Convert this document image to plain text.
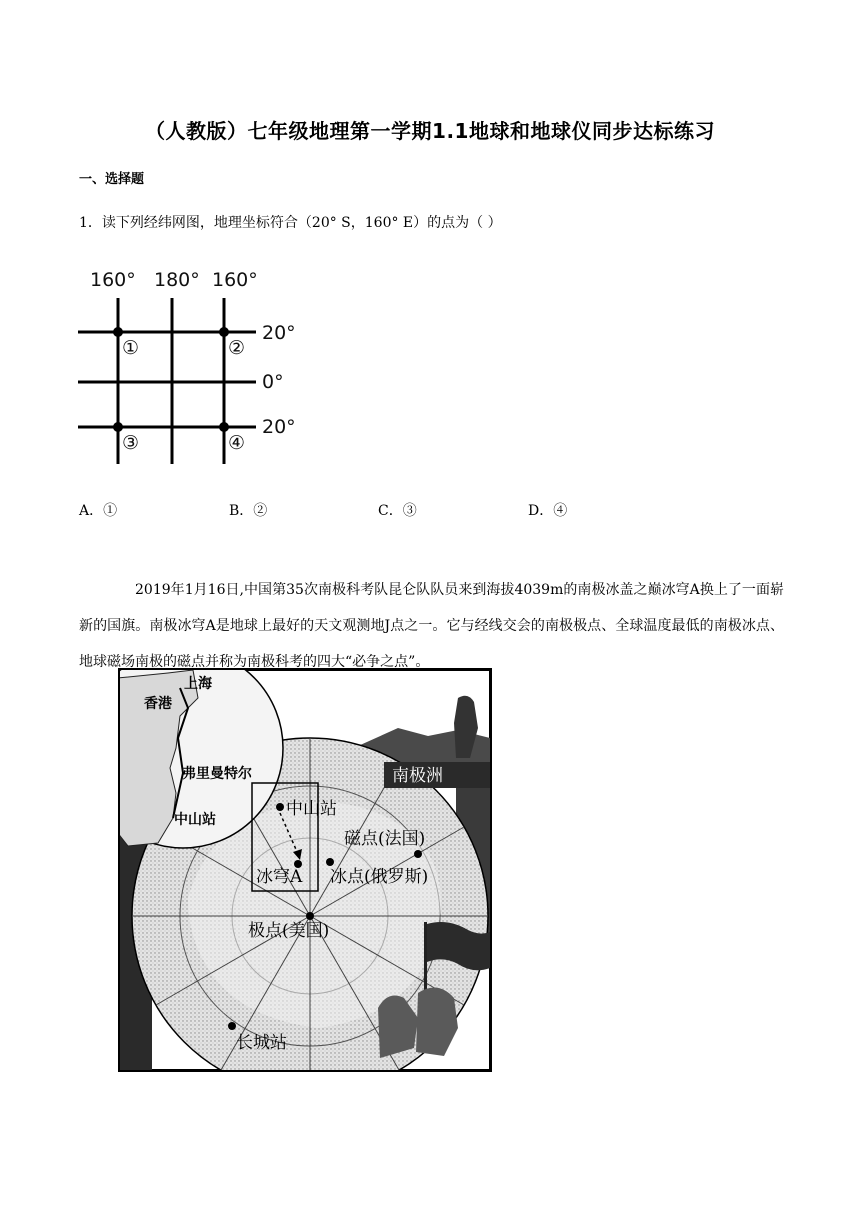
（人教版）七年级地理第一学期1.1地球和地球仪同步达标练习
一、选择题
1．读下列经纬网图，地理坐标符合（20° S，160° E）的点为（ ）
160° 180° 160°
20°
0°
20°
①	②
③	④
A．①	B．②	C．③	D．④
2019年1月16日,中国第35次南极科考队昆仑队队员来到海拔4039m的南极冰盖之巅冰穹A换上了一面崭新的国旗。南极冰穹A是地球上最好的天文观测地J点之一。它与经线交会的南极极点、全球温度最低的南极冰点、地球磁场南极的磁点并称为南极科考的四大“必争之点”。
上海
香港
弗里曼特尔
中山站
南极洲
中山站
磁点(法国)
冰穹A 冰点(俄罗斯)
极点(美国)
长城站
